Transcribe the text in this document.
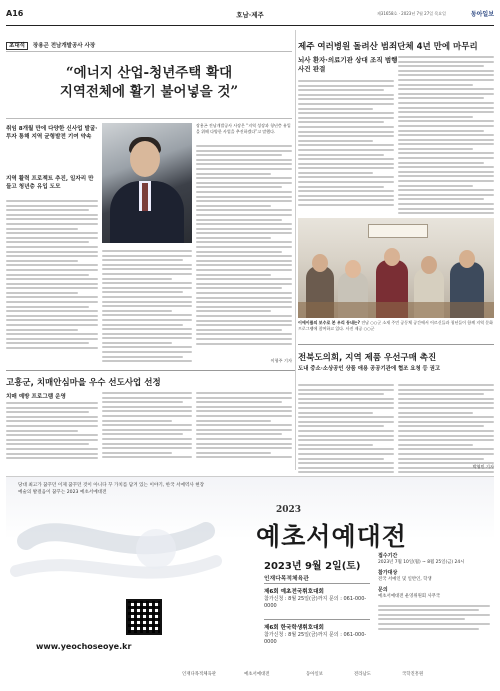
A16	호남·제주	제31658호 · 2023년 7월 27일 목요일	동아일보
초대석 장용곤 전남개발공사 사장
“에너지 산업-청년주택 확대
지역전체에 활기 불어넣을 것”
취임 8개월 만에 다양한 신사업 발굴·투자 통해 지역 균형발전 기여 약속
지역 활력 프로젝트 추진, 일자리 만들고 청년층 유입 도모
장용곤 전남개발공사 사장은 “지역 성장과 청년층 유입을 위해 다양한 사업을 추진하겠다”고 말했다.
이형주 기자
제주 여러병원 돌려산 범죄단체 4년 만에 마무리
뇌사 환자·의료기관 상대 조직 범행 사건 판결
이에이플의 보수로 본 우리 동네는? 전남 ○○군 소재 주민 공동체 공간에서 어르신들과 청년들이 함께 지역 문화 프로그램에 참여하고 있다. 사진 제공 ○○군
고흥군, 치매안심마을 우수 선도사업 선정
치매 예방 프로그램 운영
전북도의회, 지역 제품 우선구매 촉진
도내 중소·소상공인 상품 애용 공공기관에 협조 요청 등 권고
박영민 기자
당대 최고가 꿈꾸던 이제 꿈꾸던 것이 아니다 꾸 가치를 담겨 있는 이야기, 한국 서예역사 현장 예술의 발걸음이 꿈꾸는 2023 예초서예대전
www.yeochoseoye.kr
2023
예초서예대전
2023년 9월 2일(토)
인재다목적체육관
제6회 예초전국휘호대회
참가신청 : 8월 25일(금)까지 문의 : 061-000-0000
제6회 한국학생휘호대회
참가신청 : 8월 25일(금)까지 문의 : 061-000-0000
접수기간
2023년 7월 10일(월) ~ 8월 25일(금) 24시
참가대상
전국 서예인 및 일반인, 학생
문의
예초서예대전 운영위원회 사무국
인재다목적체육관	예초서예대전	동아일보	전라남도	국학진흥원
